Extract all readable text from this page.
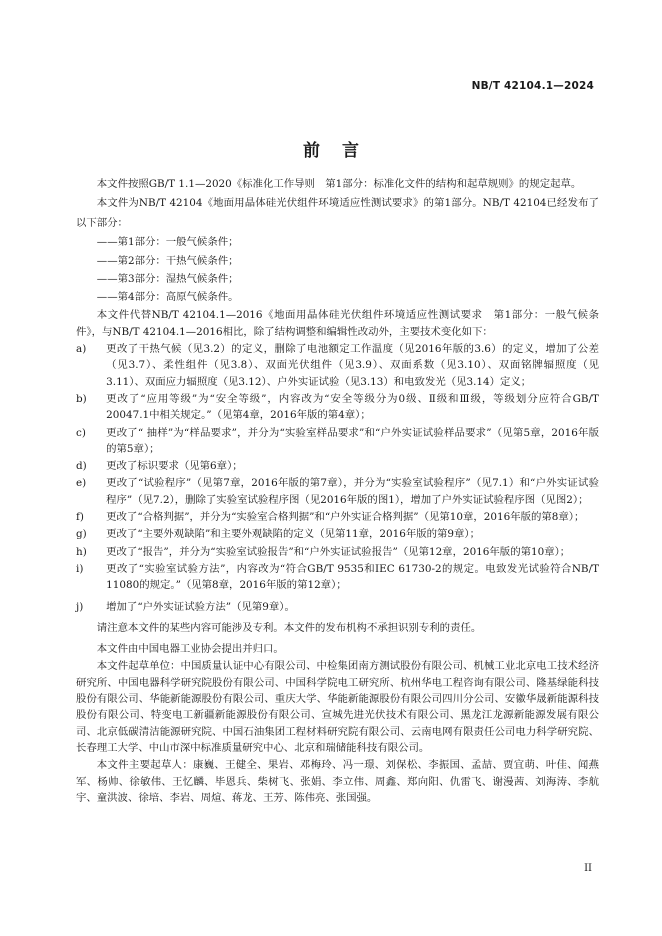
NB/T 42104.1—2024
前言

本文件按照GB/T 1.1—2020《标准化工作导则　第1部分：标准化文件的结构和起草规则》的规定起草。

本文件为NB/T 42104《地面用晶体硅光伏组件环境适应性测试要求》的第1部分。NB/T 42104已经发布了以下部分：

——第1部分：一般气候条件；
——第2部分：干热气候条件；
——第3部分：湿热气候条件；
——第4部分：高原气候条件。

本文件代替NB/T 42104.1—2016《地面用晶体硅光伏组件环境适应性测试要求　第1部分：一般气候条件》，与NB/T 42104.1—2016相比，除了结构调整和编辑性改动外，主要技术变化如下：

a) 更改了干热气候（见3.2）的定义，删除了电池额定工作温度（见2016年版的3.6）的定义，增加了公差（见3.7）、柔性组件（见3.8）、双面光伏组件（见3.9）、双面系数（见3.10）、双面铭牌辐照度（见3.11）、双面应力辐照度（见3.12）、户外实证试验（见3.13）和电致发光（见3.14）定义；
b) 更改了“应用等级”为“安全等级”，内容改为“安全等级分为0级、Ⅱ级和Ⅲ级，等级划分应符合GB/T 20047.1中相关规定。”（见第4章，2016年版的第4章）；
c) 更改了“ 抽样”为“样品要求”，并分为“实验室样品要求”和“户外实证试验样品要求”（见第5章，2016年版的第5章）；
d) 更改了标识要求（见第6章）；
e) 更改了“试验程序”（见第7章，2016年版的第7章），并分为“实验室试验程序”（见7.1）和“户外实证试验程序”（见7.2），删除了实验室试验程序图（见2016年版的图1），增加了户外实证试验程序图（见图2）；
f) 更改了“合格判据”，并分为“实验室合格判据”和“户外实证合格判据”（见第10章，2016年版的第8章）；
g) 更改了“主要外观缺陷”和主要外观缺陷的定义（见第11章，2016年版的第9章）；
h) 更改了“报告”，并分为“实验室试验报告”和“户外实证试验报告”（见第12章，2016年版的第10章）；
i) 更改了“实验室试验方法”，内容改为“符合GB/T 9535和IEC 61730-2的规定。电致发光试验符合NB/T 11080的规定。”（见第8章，2016年版的第12章）；
j) 增加了“户外实证试验方法”（见第9章）。

请注意本文件的某些内容可能涉及专利。本文件的发布机构不承担识别专利的责任。

本文件由中国电器工业协会提出并归口。

本文件起草单位：中国质量认证中心有限公司、中检集团南方测试股份有限公司、机械工业北京电工技术经济研究所、中国电器科学研究院股份有限公司、中国科学院电工研究所、杭州华电工程咨询有限公司、隆基绿能科技股份有限公司、华能新能源股份有限公司、重庆大学、华能新能源股份有限公司四川分公司、安徽华晟新能源科技股份有限公司、特变电工新疆新能源股份有限公司、宣城先进光伏技术有限公司、黑龙江龙源新能源发展有限公司、北京低碳清洁能源研究院、中国石油集团工程材料研究院有限公司、云南电网有限责任公司电力科学研究院、长春理工大学、中山市深中标准质量研究中心、北京和瑞储能科技有限公司。

本文件主要起草人：康巍、王健全、果岩、邓梅玲、冯一璟、刘保松、李振国、孟喆、贾宜萌、叶佳、闻燕军、杨帅、徐敏伟、王忆麟、毕恩兵、柴树飞、张娟、李立伟、周鑫、郑向阳、仇雷飞、谢漫茜、刘海涛、李航宇、童洪波、徐培、李岩、周煊、蒋龙、王芳、陈伟亮、张国强。

II
